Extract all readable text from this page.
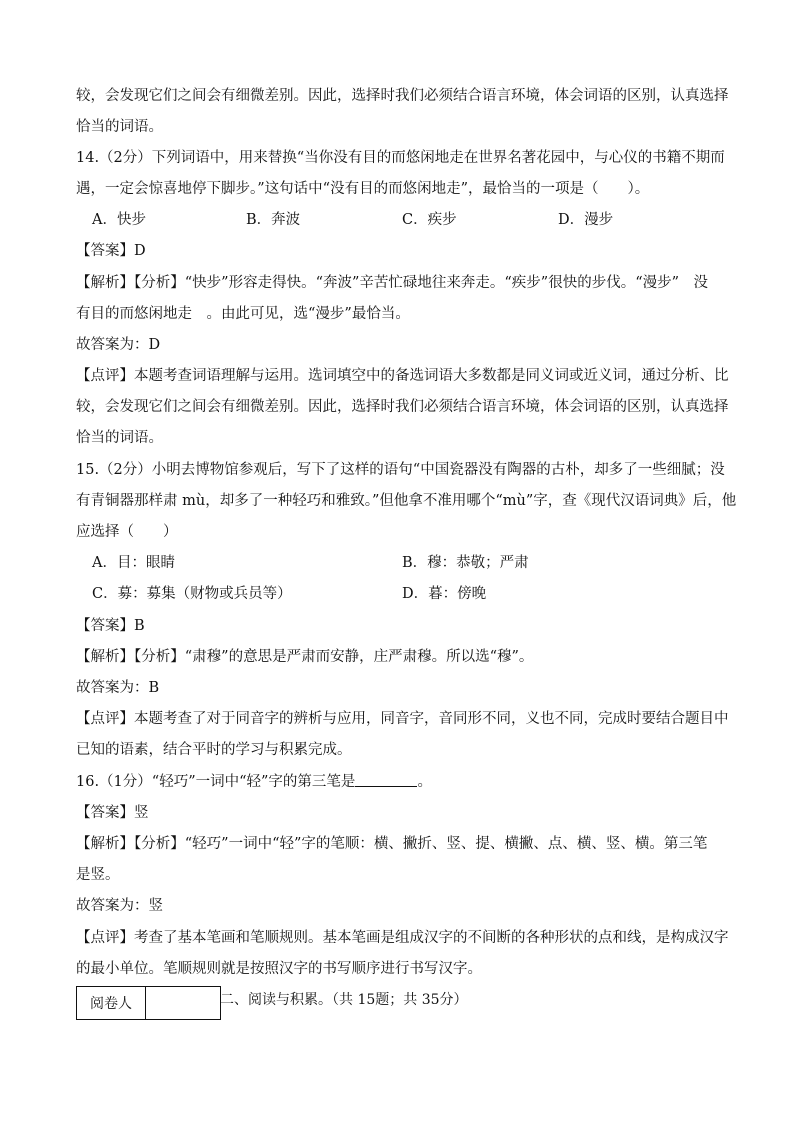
较，会发现它们之间会有细微差别。因此，选择时我们必须结合语言环境，体会词语的区别，认真选择
恰当的词语。
14.（2分）下列词语中，用来替换“当你没有目的而悠闲地走在世界名著花园中，与心仪的书籍不期而
遇，一定会惊喜地停下脚步。”这句话中“没有目的而悠闲地走”，最恰当的一项是（　　）。
A．快步	B．奔波	C．疾步	D．漫步
【答案】D
【解析】【分析】“快步”形容走得快。“奔波”辛苦忙碌地往来奔走。“疾步”很快的步伐。“漫步”　没
有目的而悠闲地走　。由此可见，选“漫步”最恰当。
故答案为：D
【点评】本题考查词语理解与运用。选词填空中的备选词语大多数都是同义词或近义词，通过分析、比
较，会发现它们之间会有细微差别。因此，选择时我们必须结合语言环境，体会词语的区别，认真选择
恰当的词语。
15.（2分）小明去博物馆参观后，写下了这样的语句“中国瓷器没有陶器的古朴，却多了一些细腻；没
有青铜器那样肃 mù，却多了一种轻巧和雅致。”但他拿不准用哪个“mù”字，查《现代汉语词典》后，他
应选择（　　）
A．目：眼睛	B．穆：恭敬；严肃
C．募：募集（财物或兵员等）	D．暮：傍晚
【答案】B
【解析】【分析】“肃穆”的意思是严肃而安静，庄严肃穆。所以选“穆”。
故答案为：B
【点评】本题考查了对于同音字的辨析与应用，同音字，音同形不同，义也不同，完成时要结合题目中
已知的语素，结合平时的学习与积累完成。
16.（1分）“轻巧”一词中“轻”字的第三笔是	。
【答案】竖
【解析】【分析】“轻巧”一词中“轻”字的笔顺：横、撇折、竖、提、横撇、点、横、竖、横。第三笔
是竖。
故答案为：竖
【点评】考查了基本笔画和笔顺规则。基本笔画是组成汉字的不间断的各种形状的点和线，是构成汉字
的最小单位。笔顺规则就是按照汉字的书写顺序进行书写汉字。
阅卷人		二、阅读与积累。（共 15题；共 35分）
